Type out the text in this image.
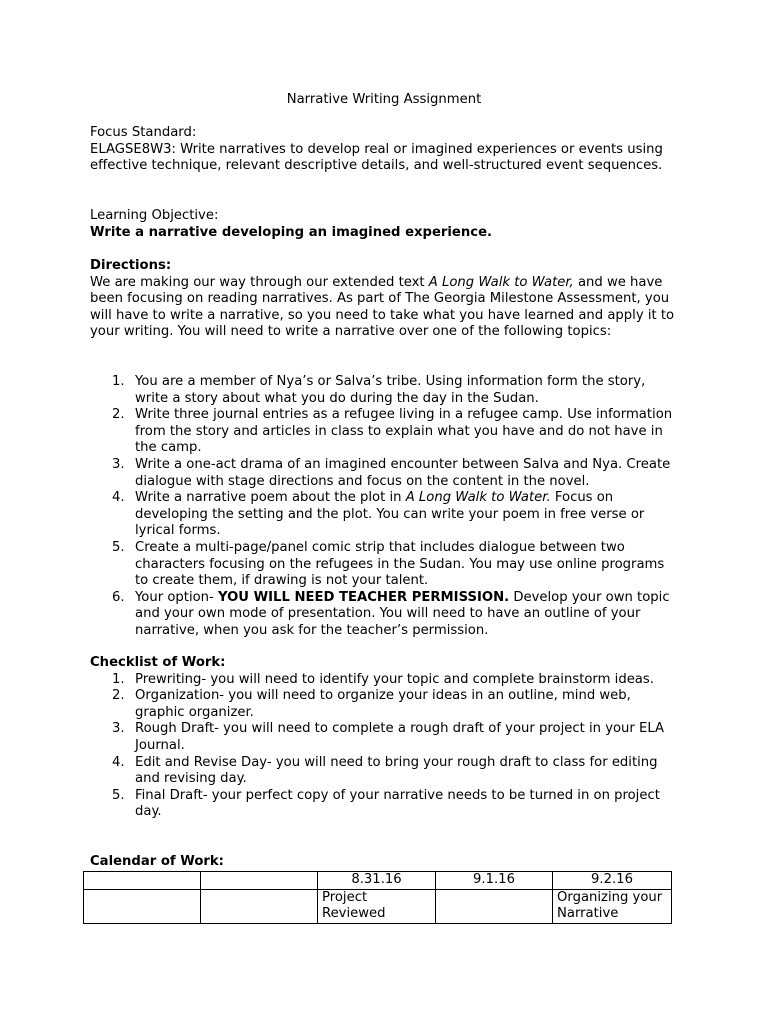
Narrative Writing Assignment

Focus Standard:

ELAGSE8W3: Write narratives to develop real or imagined experiences or events using effective technique, relevant descriptive details, and well-structured event sequences.

Learning Objective:

Write a narrative developing an imagined experience.

Directions:

We are making our way through our extended text A Long Walk to Water, and we have been focusing on reading narratives. As part of The Georgia Milestone Assessment, you will have to write a narrative, so you need to take what you have learned and apply it to your writing. You will need to write a narrative over one of the following topics:

1. You are a member of Nya’s or Salva’s tribe. Using information form the story, write a story about what you do during the day in the Sudan.
2. Write three journal entries as a refugee living in a refugee camp. Use information from the story and articles in class to explain what you have and do not have in the camp.
3. Write a one-act drama of an imagined encounter between Salva and Nya. Create dialogue with stage directions and focus on the content in the novel.
4. Write a narrative poem about the plot in A Long Walk to Water. Focus on developing the setting and the plot. You can write your poem in free verse or lyrical forms.
5. Create a multi-page/panel comic strip that includes dialogue between two characters focusing on the refugees in the Sudan. You may use online programs to create them, if drawing is not your talent.
6. Your option- YOU WILL NEED TEACHER PERMISSION. Develop your own topic and your own mode of presentation. You will need to have an outline of your narrative, when you ask for the teacher’s permission.

Checklist of Work:

1. Prewriting- you will need to identify your topic and complete brainstorm ideas.
2. Organization- you will need to organize your ideas in an outline, mind web, graphic organizer.
3. Rough Draft- you will need to complete a rough draft of your project in your ELA Journal.
4. Edit and Revise Day- you will need to bring your rough draft to class for editing and revising day.
5. Final Draft- your perfect copy of your narrative needs to be turned in on project day.

Calendar of Work:

		8.31.16	9.1.16	9.2.16
		Project Reviewed		Organizing your Narrative
